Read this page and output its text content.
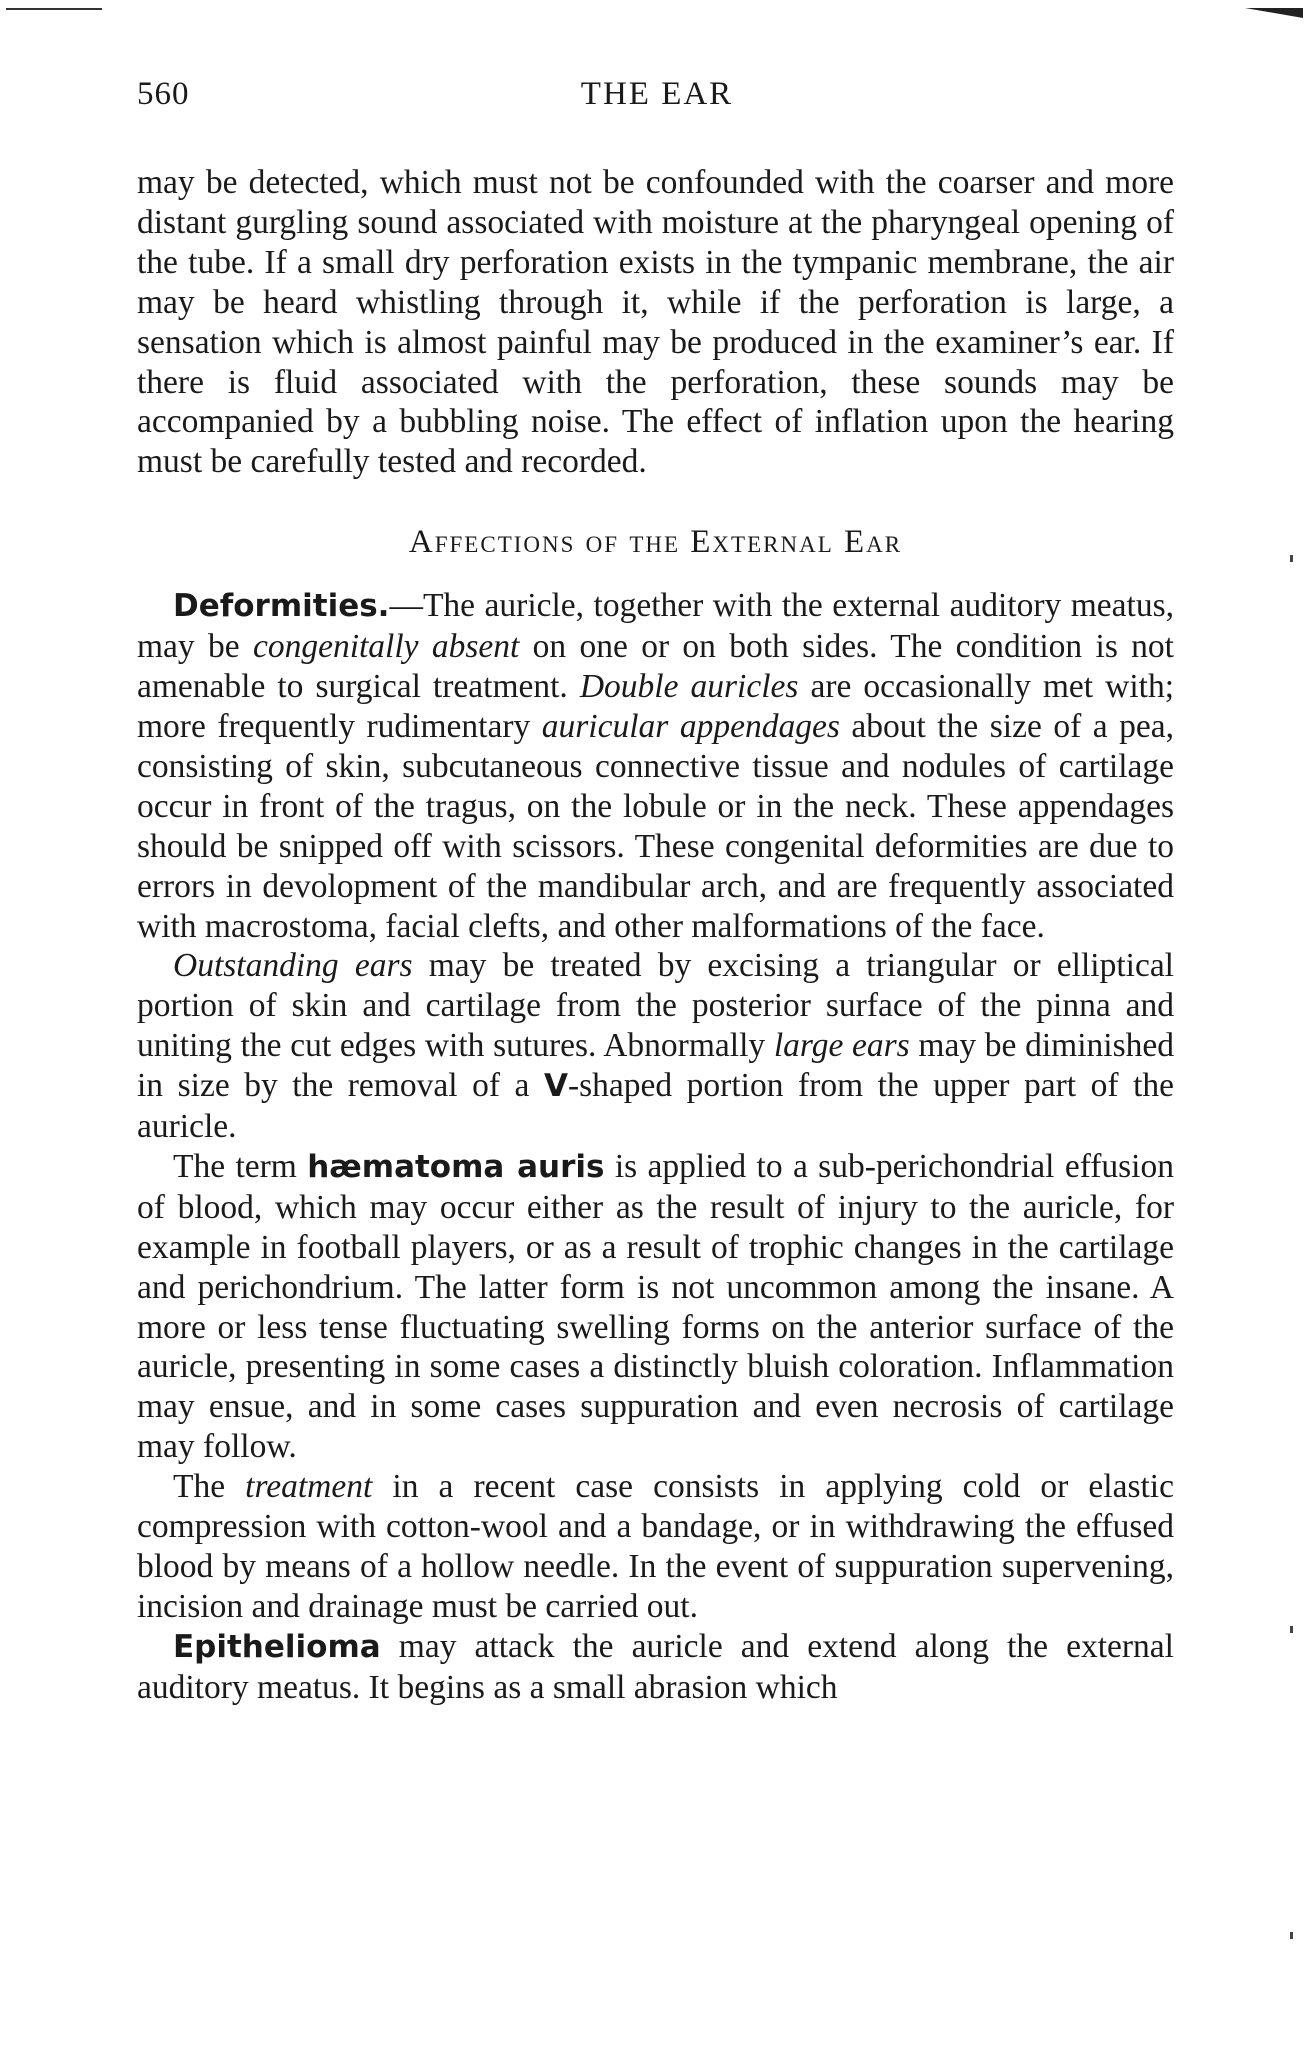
560	THE EAR

may be detected, which must not be confounded with the coarser and more distant gurgling sound associated with moisture at the pharyngeal opening of the tube. If a small dry perforation exists in the tympanic membrane, the air may be heard whistling through it, while if the perforation is large, a sensation which is almost painful may be produced in the examiner’s ear. If there is fluid associated with the perforation, these sounds may be accompanied by a bubbling noise. The effect of inflation upon the hearing must be carefully tested and recorded.

Affections of the External Ear

Deformities.—The auricle, together with the external auditory meatus, may be congenitally absent on one or on both sides. The condition is not amenable to surgical treatment. Double auricles are occasionally met with; more frequently rudimentary auricular appendages about the size of a pea, consisting of skin, subcutaneous connective tissue and nodules of cartilage occur in front of the tragus, on the lobule or in the neck. These appendages should be snipped off with scissors. These congenital deformities are due to errors in devolopment of the mandibular arch, and are frequently associated with macrostoma, facial clefts, and other malformations of the face.

Outstanding ears may be treated by excising a triangular or elliptical portion of skin and cartilage from the posterior surface of the pinna and uniting the cut edges with sutures. Abnormally large ears may be diminished in size by the removal of a V-shaped portion from the upper part of the auricle.

The term hæmatoma auris is applied to a sub-perichondrial effusion of blood, which may occur either as the result of injury to the auricle, for example in football players, or as a result of trophic changes in the cartilage and perichondrium. The latter form is not uncommon among the insane. A more or less tense fluctuating swelling forms on the anterior surface of the auricle, presenting in some cases a distinctly bluish coloration. Inflammation may ensue, and in some cases suppuration and even necrosis of cartilage may follow.

The treatment in a recent case consists in applying cold or elastic compression with cotton-wool and a bandage, or in withdrawing the effused blood by means of a hollow needle. In the event of suppuration supervening, incision and drainage must be carried out.

Epithelioma may attack the auricle and extend along the external auditory meatus. It begins as a small abrasion which
